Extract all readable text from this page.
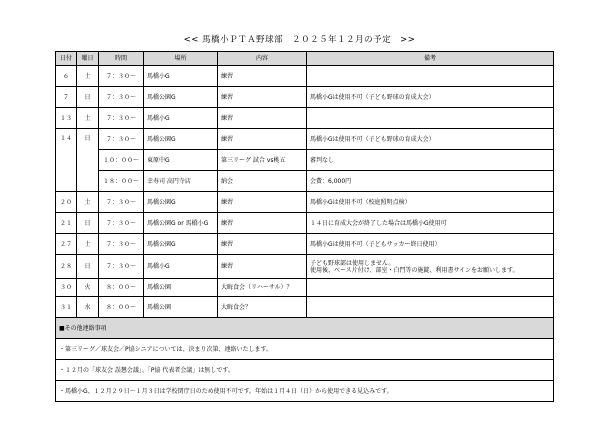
<< 馬橋小ＰＴＡ野球部　２０２５年１２月の予定　>>
日付	曜日	時間	場所	内容	備考
６	土	７：３０～	馬橋小G	練習	
７	日	７：３０～	馬橋公園G	練習	馬橋小Gは使用不可（子ども野球の育成大会）
１３	土	７：３０～	馬橋小G	練習	
１４	日	７：３０～	馬橋公園G	練習	馬橋小Gは使用不可（子ども野球の育成大会）
		１０：００～	東原中G	第三リーグ 試合 vs桃五	審判なし
		１８：００～	幸寿司 高円寺店	納会	会費：6,000円
２０	土	７：３０～	馬橋公園G	練習	馬橋小Gは使用不可（校庭照明点検）
２１	日	７：３０～	馬橋公園G or 馬橋小G	練習	１４日に育成大会が終了した場合は馬橋小G使用可
２７	土	７：３０～	馬橋公園G	練習	馬橋小Gは使用不可（子どもサッカー終日使用）
２８	日	７：３０～	馬橋小G	練習	子ども野球部は使用しません。
使用後、ベース片付け、部室・白門等の施錠、利用書サインをお願いします。
３０	火	８：００～	馬橋公園	大晦食会（リハーサル）？	
３１	水	８：００～	馬橋公園	大晦食会？	
■その他連絡事項					
・第三リーグ／球友会／P協シニアについては、決まり次第、連絡いたします。					
・１２月の「球友会 誤懇会議」、「P協 代表者会議」は無しです。					
・馬橋小G、１２月２９日～１月３日は学校閉庁日のため使用不可です。年始は１月４日（日）から使用できる見込みです。					
